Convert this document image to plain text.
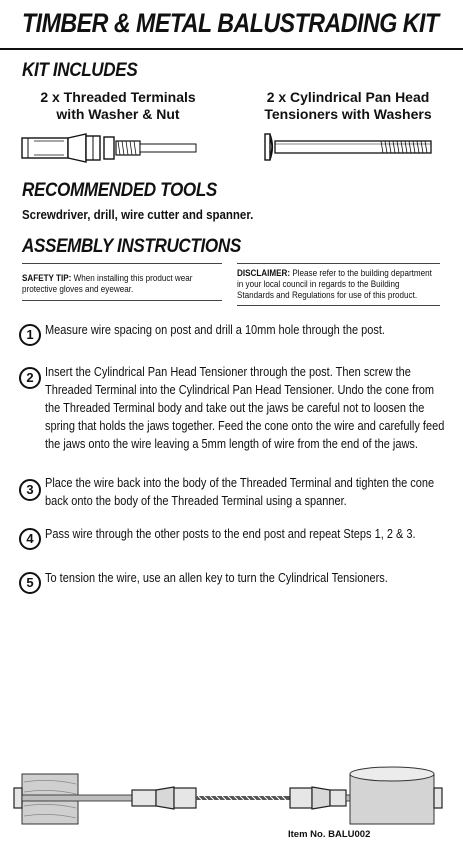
TIMBER & METAL BALUSTRADING KIT
KIT INCLUDES
2 x Threaded Terminals
with Washer & Nut
2 x Cylindrical Pan Head
Tensioners with Washers
RECOMMENDED TOOLS
Screwdriver, drill, wire cutter and spanner.
ASSEMBLY INSTRUCTIONS
SAFETY TIP: When installing this product wear
protective gloves and eyewear.
DISCLAIMER: Please refer to the building department
in your local council in regards to the Building
Standards and Regulations for use of this product.
1 Measure wire spacing on post and drill a 10mm hole through the post.
2 Insert the Cylindrical Pan Head Tensioner through the post. Then screw the
Threaded Terminal into the Cylindrical Pan Head Tensioner. Undo the cone from
the Threaded Terminal body and take out the jaws be careful not to loosen the
spring that holds the jaws together. Feed the cone onto the wire and carefully feed
the jaws onto the wire leaving a 5mm length of wire from the end of the jaws.
3 Place the wire back into the body of the Threaded Terminal and tighten the cone
back onto the body of the Threaded Terminal using a spanner.
4 Pass wire through the other posts to the end post and repeat Steps 1, 2 & 3.
5 To tension the wire, use an allen key to turn the Cylindrical Tensioners.
Item No. BALU002
